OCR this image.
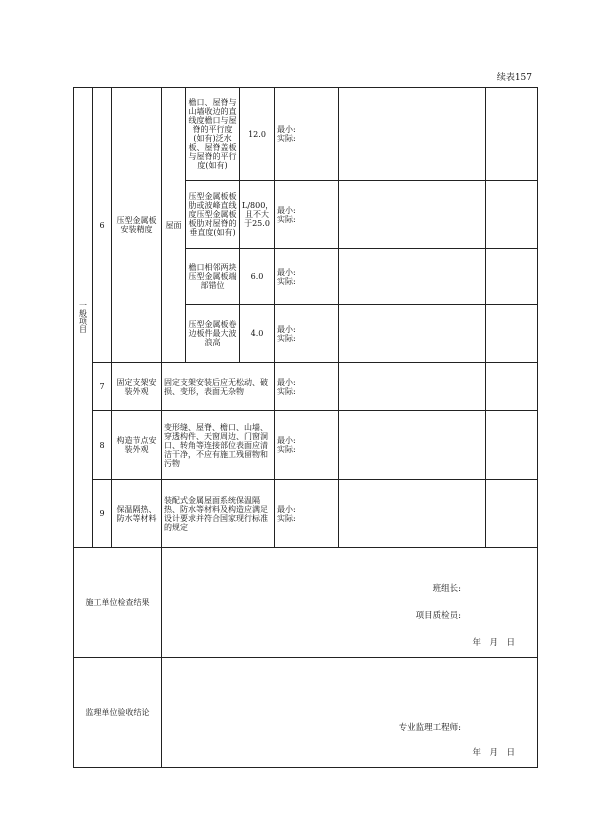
续表157
一般项目	6	压型金属板安装精度	屋面	檐口、屋脊与山墙收边的直线度檐口与屋脊的平行度(如有)泛水板、屋脊盖板与屋脊的平行度(如有)	12.0	最小:
实际:		

				压型金属板板肋或波峰直线度压型金属板板肋对屋脊的垂直度(如有)	L/800，且不大于25.0	最小:
实际:		

				檐口相邻两块压型金属板端部错位	6.0	最小:
实际:		

				压型金属板卷边板件最大波浪高	4.0	最小:
实际:		

	7	固定支架安装外观	固定支架安装后应无松动、破损、变形，表面无杂物			最小:
实际:		

	8	构造节点安装外观	变形缝、屋脊、檐口、山墙、穿透构件、天窗周边、门窗洞口、转角等连接部位表面应清洁干净，不应有施工残留物和污物			最小:
实际:		

	9	保温隔热、防水等材料	装配式金属屋面系统保温隔热、防水等材料及构造应满足设计要求并符合国家现行标准的规定			最小:
实际:		

施工单位检查结果			班组长:
项目质检员:
年　月　日					

监理单位验收结论			专业监理工程师:
年　月　日					
